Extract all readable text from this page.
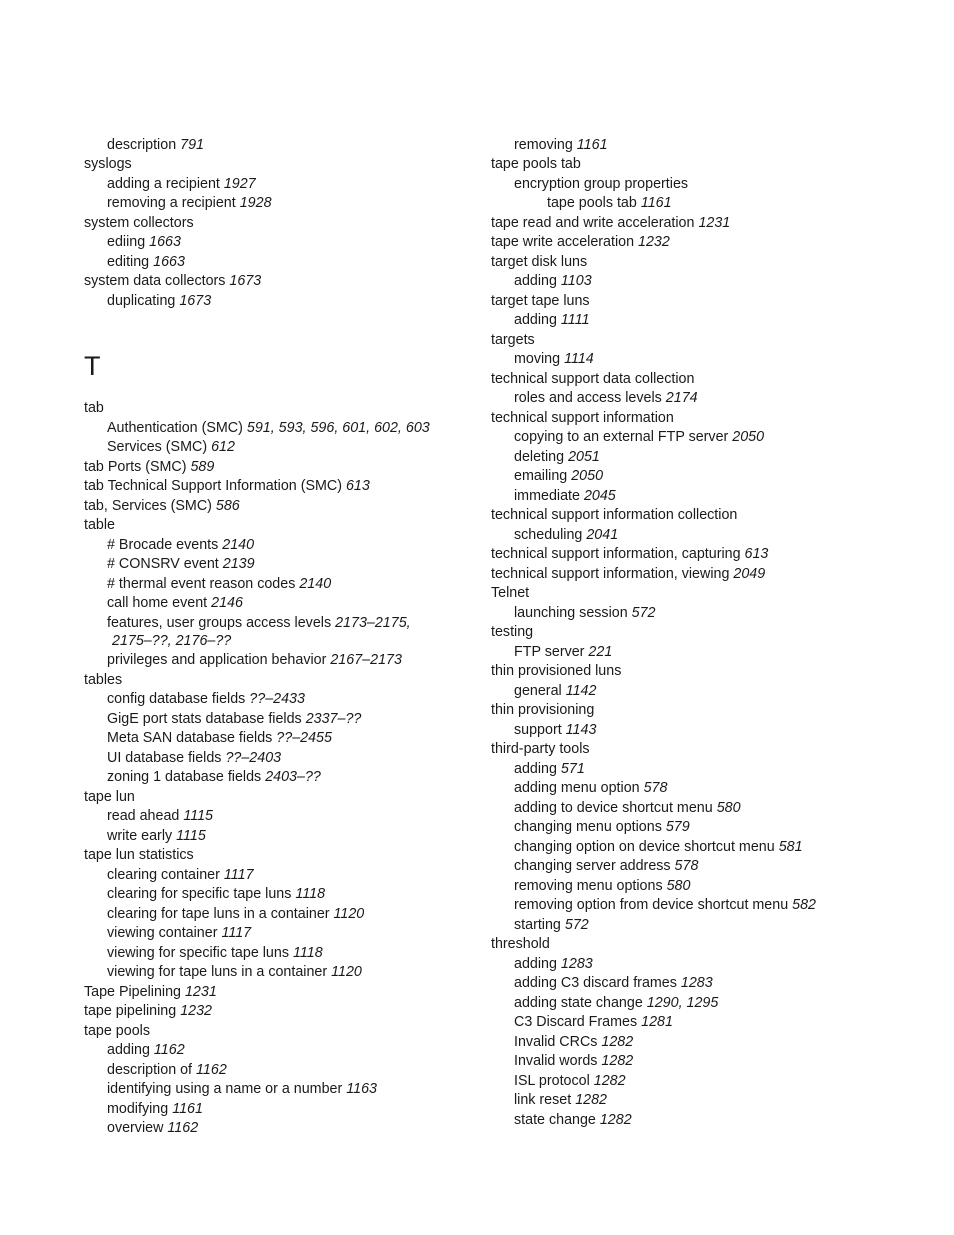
description 791
syslogs
adding a recipient 1927
removing a recipient 1928
system collectors
ediing 1663
editing 1663
system data collectors 1673
duplicating 1673
T
tab
Authentication (SMC) 591, 593, 596, 601, 602, 603
Services (SMC) 612
tab Ports (SMC) 589
tab Technical Support Information (SMC) 613
tab, Services (SMC) 586
table
# Brocade events 2140
# CONSRV event 2139
# thermal event reason codes 2140
call home event 2146
features, user groups access levels 2173–2175,
2175–??, 2176–??
privileges and application behavior 2167–2173
tables
config database fields ??–2433
GigE port stats database fields 2337–??
Meta SAN database fields ??–2455
UI database fields ??–2403
zoning 1 database fields 2403–??
tape lun
read ahead 1115
write early 1115
tape lun statistics
clearing container 1117
clearing for specific tape luns 1118
clearing for tape luns in a container 1120
viewing container 1117
viewing for specific tape luns 1118
viewing for tape luns in a container 1120
Tape Pipelining 1231
tape pipelining 1232
tape pools
adding 1162
description of 1162
identifying using a name or a number 1163
modifying 1161
overview 1162
removing 1161
tape pools tab
encryption group properties
tape pools tab 1161
tape read and write acceleration 1231
tape write acceleration 1232
target disk luns
adding 1103
target tape luns
adding 1111
targets
moving 1114
technical support data collection
roles and access levels 2174
technical support information
copying to an external FTP server 2050
deleting 2051
emailing 2050
immediate 2045
technical support information collection
scheduling 2041
technical support information, capturing 613
technical support information, viewing 2049
Telnet
launching session 572
testing
FTP server 221
thin provisioned luns
general 1142
thin provisioning
support 1143
third-party tools
adding 571
adding menu option 578
adding to device shortcut menu 580
changing menu options 579
changing option on device shortcut menu 581
changing server address 578
removing menu options 580
removing option from device shortcut menu 582
starting 572
threshold
adding 1283
adding C3 discard frames 1283
adding state change 1290, 1295
C3 Discard Frames 1281
Invalid CRCs 1282
Invalid words 1282
ISL protocol 1282
link reset 1282
state change 1282
